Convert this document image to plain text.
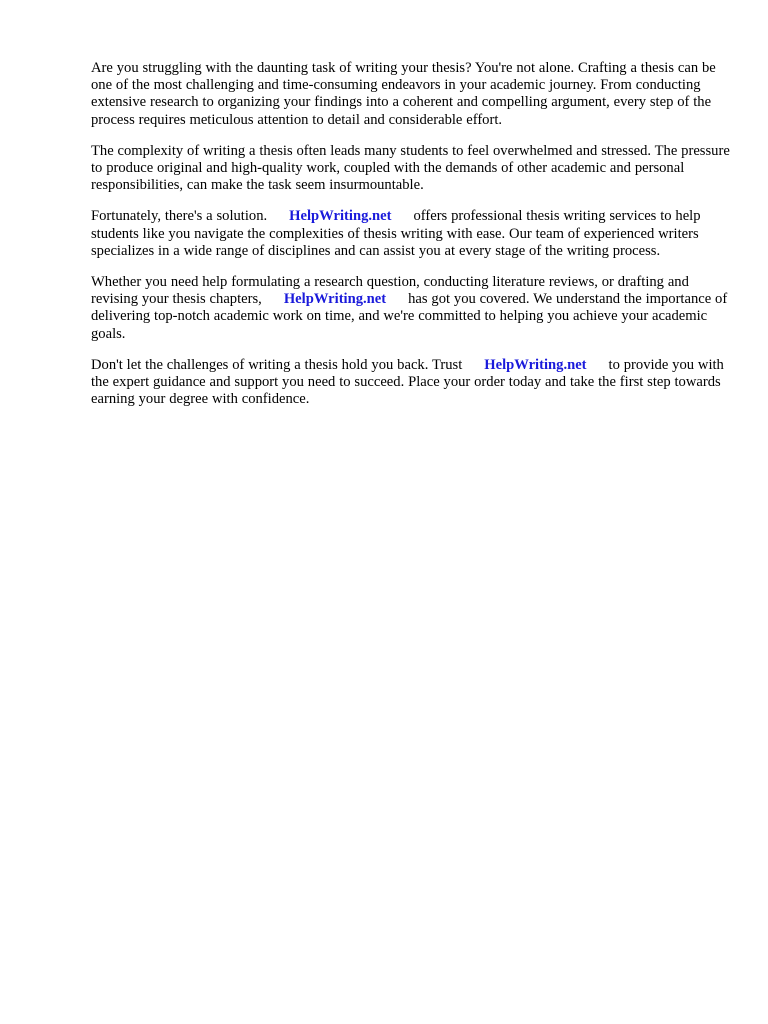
Are you struggling with the daunting task of writing your thesis? You're not alone. Crafting a thesis can be one of the most challenging and time-consuming endeavors in your academic journey. From conducting extensive research to organizing your findings into a coherent and compelling argument, every step of the process requires meticulous attention to detail and considerable effort.

The complexity of writing a thesis often leads many students to feel overwhelmed and stressed. The pressure to produce original and high-quality work, coupled with the demands of other academic and personal responsibilities, can make the task seem insurmountable.

Fortunately, there's a solution. HelpWriting.net offers professional thesis writing services to help students like you navigate the complexities of thesis writing with ease. Our team of experienced writers specializes in a wide range of disciplines and can assist you at every stage of the writing process.

Whether you need help formulating a research question, conducting literature reviews, or drafting and revising your thesis chapters, HelpWriting.net has got you covered. We understand the importance of delivering top-notch academic work on time, and we're committed to helping you achieve your academic goals.

Don't let the challenges of writing a thesis hold you back. Trust HelpWriting.net to provide you with the expert guidance and support you need to succeed. Place your order today and take the first step towards earning your degree with confidence.
